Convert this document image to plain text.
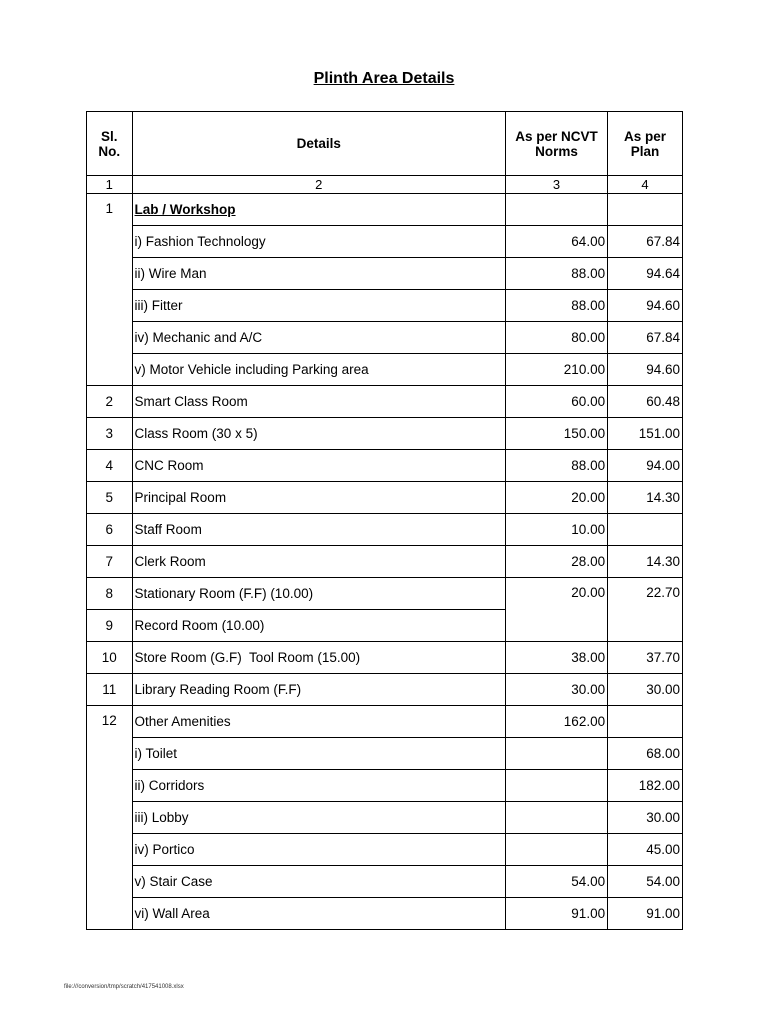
Plinth Area Details
Sl. No.	Details	As per NCVT Norms	As per Plan
1	2	3	4
1	Lab / Workshop		
	i) Fashion Technology	64.00	67.84
	ii) Wire Man	88.00	94.64
	iii) Fitter	88.00	94.60
	iv) Mechanic and A/C	80.00	67.84
	v) Motor Vehicle including Parking area	210.00	94.60
2	Smart Class Room	60.00	60.48
3	Class Room (30 x 5)	150.00	151.00
4	CNC Room	88.00	94.00
5	Principal Room	20.00	14.30
6	Staff Room	10.00	
7	Clerk Room	28.00	14.30
8	Stationary Room (F.F) (10.00)	20.00	22.70
9	Record Room (10.00)		
10	Store Room (G.F)  Tool Room (15.00)	38.00	37.70
11	Library Reading Room (F.F)	30.00	30.00
12	Other Amenities	162.00	
	i) Toilet		68.00
	ii) Corridors		182.00
	iii) Lobby		30.00
	iv) Portico		45.00
	v) Stair Case	54.00	54.00
	vi) Wall Area	91.00	91.00
file:///conversion/tmp/scratch/417541008.xlsx
